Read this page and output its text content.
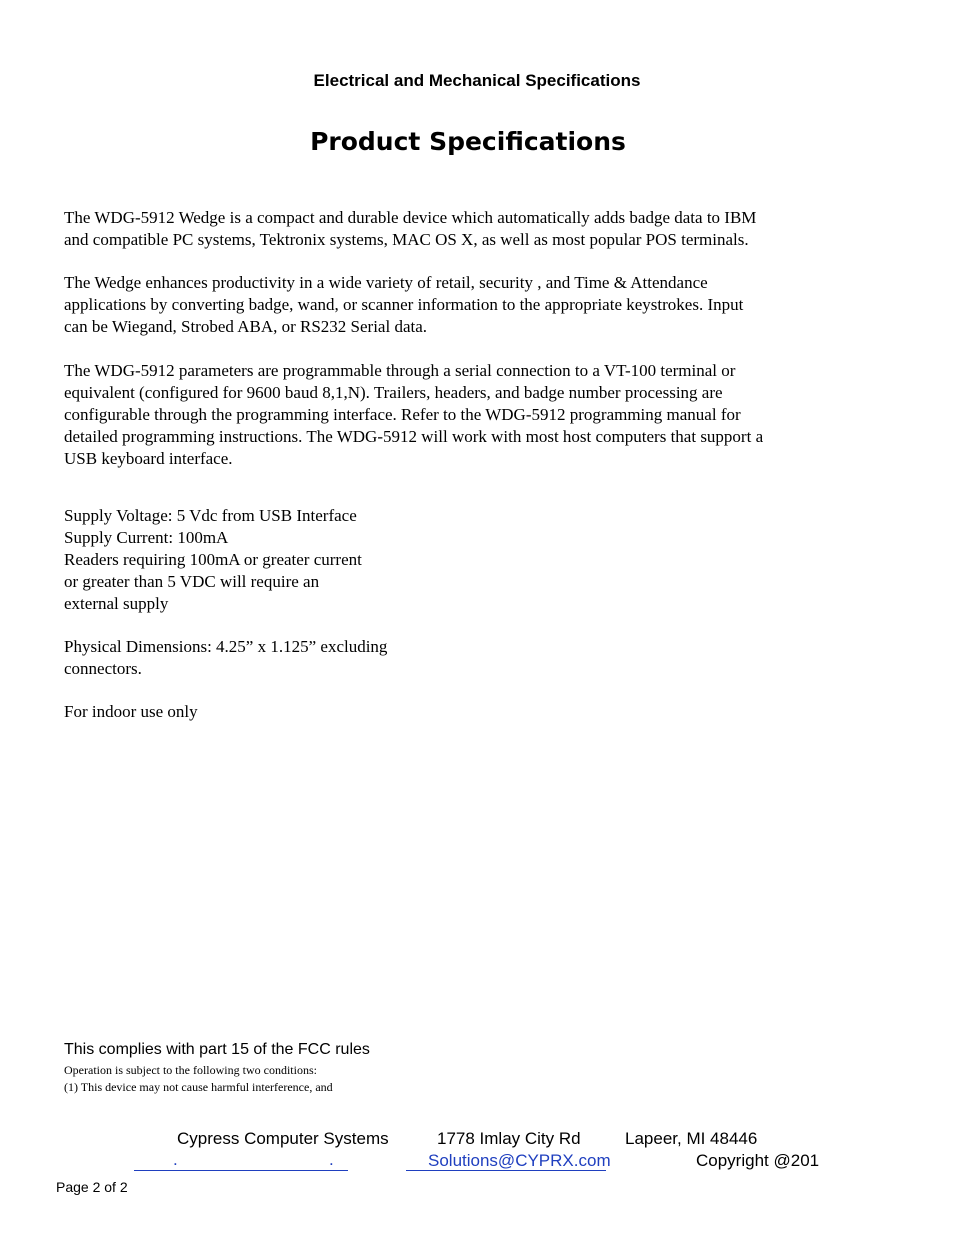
Electrical and Mechanical Specifications
Product Specifications
The WDG-5912 Wedge is a compact and durable device which automatically adds badge data to IBM
and compatible PC systems, Tektronix systems, MAC OS X, as well as most popular POS terminals.
The Wedge enhances productivity in a wide variety of retail, security , and Time & Attendance
applications by converting badge, wand, or scanner information to the appropriate keystrokes. Input
can be Wiegand, Strobed ABA, or RS232 Serial data.
The WDG-5912 parameters are programmable through a serial connection to a VT-100 terminal or
equivalent (configured for 9600 baud 8,1,N). Trailers, headers, and badge number processing are
configurable through the programming interface. Refer to the WDG-5912 programming manual for
detailed programming instructions. The WDG-5912 will work with most host computers that support a
USB keyboard interface.
Supply Voltage: 5 Vdc from USB Interface
Supply Current: 100mA
Readers requiring 100mA or greater current
or greater than 5 VDC will require an
external supply
Physical Dimensions: 4.25” x 1.125” excluding
connectors.
For indoor use only
This complies with part 15 of the FCC rules
Operation is subject to the following two conditions:
(1) This device may not cause harmful interference, and
Cypress Computer Systems	1778 Imlay City Rd	Lapeer, MI 48446
.	.	Solutions@CYPRX.com	Copyright @201
Page 2 of 2
